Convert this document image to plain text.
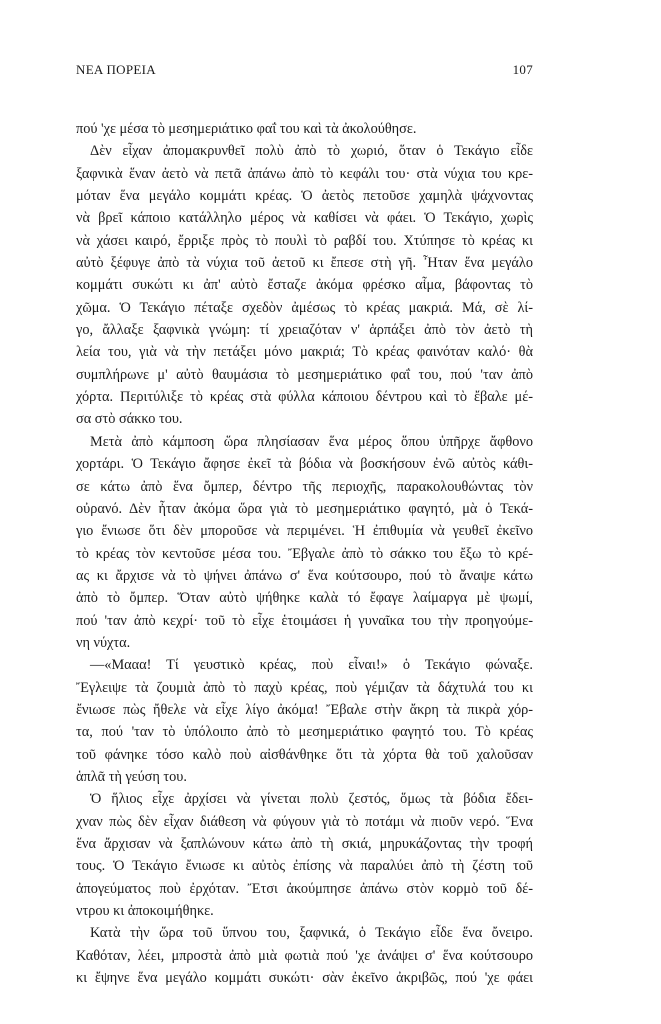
ΝΕΑ ΠΟΡΕΙΑ	107
πού 'χε μέσα τὸ μεσημεριάτικο φαΐ του καὶ τὰ ἀκολούθησε.
Δὲν εἶχαν ἀπομακρυνθεῖ πολὺ ἀπὸ τὸ χωριό, ὅταν ὁ Τεκάγιο εἶδε
ξαφνικὰ ἕναν ἀετὸ νὰ πετᾶ ἀπάνω ἀπὸ τὸ κεφάλι του· στὰ νύχια του κρε-
μόταν ἕνα μεγάλο κομμάτι κρέας. Ὁ ἀετὸς πετοῦσε χαμηλὰ ψάχνοντας
νὰ βρεῖ κάποιο κατάλληλο μέρος νὰ καθίσει νὰ φάει. Ὁ Τεκάγιο, χωρὶς
νὰ χάσει καιρό, ἔρριξε πρὸς τὸ πουλὶ τὸ ραβδί του. Χτύπησε τὸ κρέας κι
αὐτὸ ξέφυγε ἀπὸ τὰ νύχια τοῦ ἀετοῦ κι ἔπεσε στὴ γῆ. Ἦταν ἕνα μεγάλο
κομμάτι συκώτι κι ἀπ' αὐτὸ ἔσταζε ἀκόμα φρέσκο αἷμα, βάφοντας τὸ
χῶμα. Ὁ Τεκάγιο πέταξε σχεδὸν ἀμέσως τὸ κρέας μακριά. Μά, σὲ λί-
γο, ἄλλαξε ξαφνικὰ γνώμη: τί χρειαζόταν ν' ἁρπάξει ἀπὸ τὸν ἀετὸ τὴ
λεία του, γιὰ νὰ τὴν πετάξει μόνο μακριά; Τὸ κρέας φαινόταν καλό· θὰ
συμπλήρωνε μ' αὐτὸ θαυμάσια τὸ μεσημεριάτικο φαΐ του, πού 'ταν ἀπὸ
χόρτα. Περιτύλιξε τὸ κρέας στὰ φύλλα κάποιου δέντρου καὶ τὸ ἔβαλε μέ-
σα στὸ σάκκο του.
Μετὰ ἀπὸ κάμποση ὥρα πλησίασαν ἕνα μέρος ὅπου ὑπῆρχε ἄφθονο
χορτάρι. Ὁ Τεκάγιο ἄφησε ἐκεῖ τὰ βόδια νὰ βοσκήσουν ἐνῶ αὐτὸς κάθι-
σε κάτω ἀπὸ ἕνα ὄμπερ, δέντρο τῆς περιοχῆς, παρακολουθώντας τὸν
οὐρανό. Δὲν ἦταν ἀκόμα ὥρα γιὰ τὸ μεσημεριάτικο φαγητό, μὰ ὁ Τεκά-
γιο ἔνιωσε ὅτι δὲν μποροῦσε νὰ περιμένει. Ἡ ἐπιθυμία νὰ γευθεῖ ἐκεῖνο
τὸ κρέας τὸν κεντοῦσε μέσα του. Ἔβγαλε ἀπὸ τὸ σάκκο του ἔξω τὸ κρέ-
ας κι ἄρχισε νὰ τὸ ψήνει ἀπάνω σ' ἕνα κούτσουρο, πού τὸ ἄναψε κάτω
ἀπὸ τὸ ὄμπερ. Ὅταν αὐτὸ ψήθηκε καλὰ τό ἔφαγε λαίμαργα μὲ ψωμί,
πού 'ταν ἀπὸ κεχρί· τοῦ τὸ εἶχε ἑτοιμάσει ἡ γυναῖκα του τὴν προηγούμε-
νη νύχτα.
—«Μααα! Τί γευστικὸ κρέας, ποὺ εἶναι!» ὁ Τεκάγιο φώναξε.
Ἔγλειψε τὰ ζουμιὰ ἀπὸ τὸ παχὺ κρέας, ποὺ γέμιζαν τὰ δάχτυλά του κι
ἔνιωσε πὼς ἤθελε νὰ εἶχε λίγο ἀκόμα! Ἔβαλε στὴν ἄκρη τὰ πικρὰ χόρ-
τα, πού 'ταν τὸ ὑπόλοιπο ἀπὸ τὸ μεσημεριάτικο φαγητό του. Τὸ κρέας
τοῦ φάνηκε τόσο καλὸ ποὺ αἰσθάνθηκε ὅτι τὰ χόρτα θὰ τοῦ χαλοῦσαν
ἁπλᾶ τὴ γεύση του.
Ὁ ἥλιος εἶχε ἀρχίσει νὰ γίνεται πολὺ ζεστός, ὅμως τὰ βόδια ἔδει-
χναν πὼς δὲν εἶχαν διάθεση νὰ φύγουν γιὰ τὸ ποτάμι νὰ πιοῦν νερό. Ἕνα
ἕνα ἄρχισαν νὰ ξαπλώνουν κάτω ἀπὸ τὴ σκιά, μηρυκάζοντας τὴν τροφή
τους. Ὁ Τεκάγιο ἔνιωσε κι αὐτὸς ἐπίσης νὰ παραλύει ἀπὸ τὴ ζέστη τοῦ
ἀπογεύματος ποὺ ἐρχόταν. Ἔτσι ἀκούμπησε ἀπάνω στὸν κορμὸ τοῦ δέ-
ντρου κι ἀποκοιμήθηκε.
Κατὰ τὴν ὥρα τοῦ ὕπνου του, ξαφνικά, ὁ Τεκάγιο εἶδε ἕνα ὄνειρο.
Καθόταν, λέει, μπροστὰ ἀπὸ μιὰ φωτιὰ πού 'χε ἀνάψει σ' ἕνα κούτσουρο
κι ἔψηνε ἕνα μεγάλο κομμάτι συκώτι· σὰν ἐκεῖνο ἀκριβῶς, πού 'χε φάει
